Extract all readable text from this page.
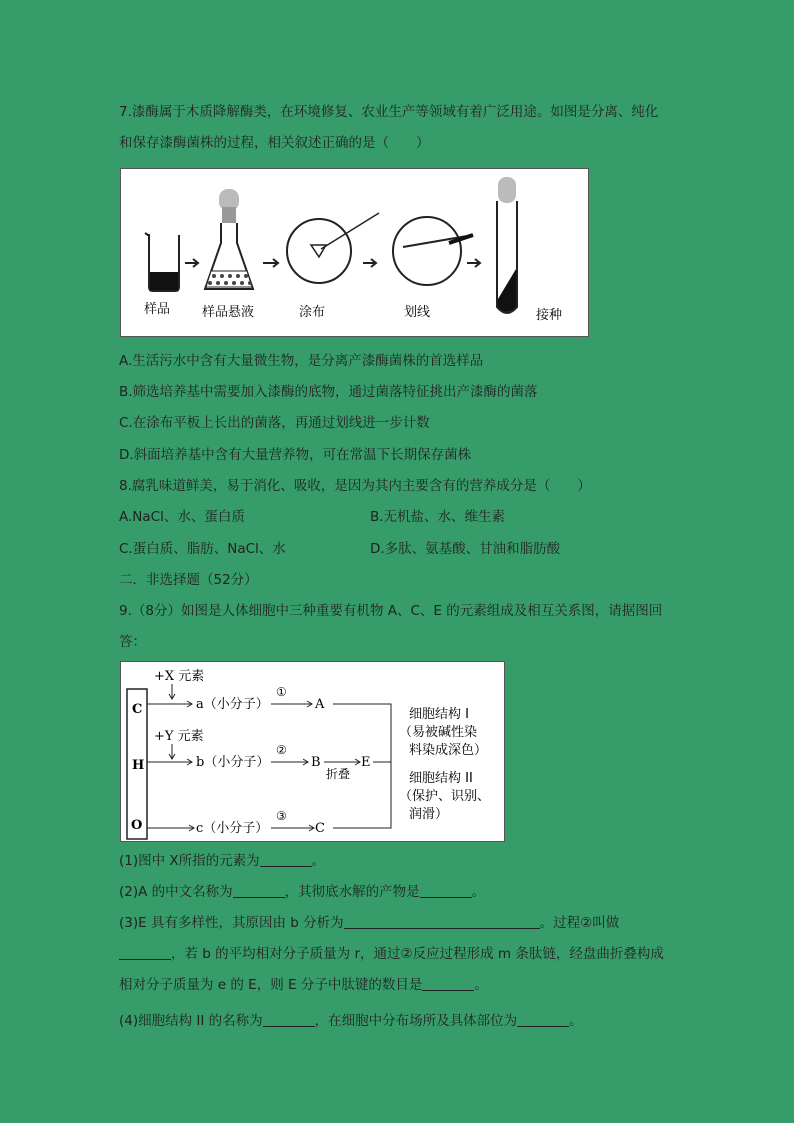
7.漆酶属于木质降解酶类，在环境修复、农业生产等领域有着广泛用途。如图是分离、纯化
和保存漆酶菌株的过程，相关叙述正确的是（　　）
样品 样品悬液	涂布	划线	接种
A.生活污水中含有大量微生物，是分离产漆酶菌株的首选样品
B.筛选培养基中需要加入漆酶的底物，通过菌落特征挑出产漆酶的菌落
C.在涂布平板上长出的菌落，再通过划线进一步计数
D.斜面培养基中含有大量营养物，可在常温下长期保存菌株
8.腐乳味道鲜美，易于消化、吸收，是因为其内主要含有的营养成分是（　　）
A.NaCl、水、蛋白质	B.无机盐、水、维生素
C.蛋白质、脂肪、NaCl、水	D.多肽、氨基酸、甘油和脂肪酸
二．非选择题（52分）
9.（8分）如图是人体细胞中三种重要有机物 A、C、E 的元素组成及相互关系图，请据图回
答：
C
H
O
+X 元素
a（小分子）
①
A
+Y 元素
b（小分子）
②
B
折叠
E
c（小分子）
③
C
细胞结构 I
（易被碱性染
料染成深色）
细胞结构 II
（保护、识别、
润滑）
(1)图中 X所指的元素为	。
(2)A 的中文名称为	，其彻底水解的产物是	。
(3)E 具有多样性，其原因由 b 分析为	。过程②叫做
，若 b 的平均相对分子质量为 r，通过②反应过程形成 m 条肽链，经盘曲折叠构成
相对分子质量为 e 的 E，则 E 分子中肽键的数目是	。
(4)细胞结构 II 的名称为	，在细胞中分布场所及具体部位为	。
